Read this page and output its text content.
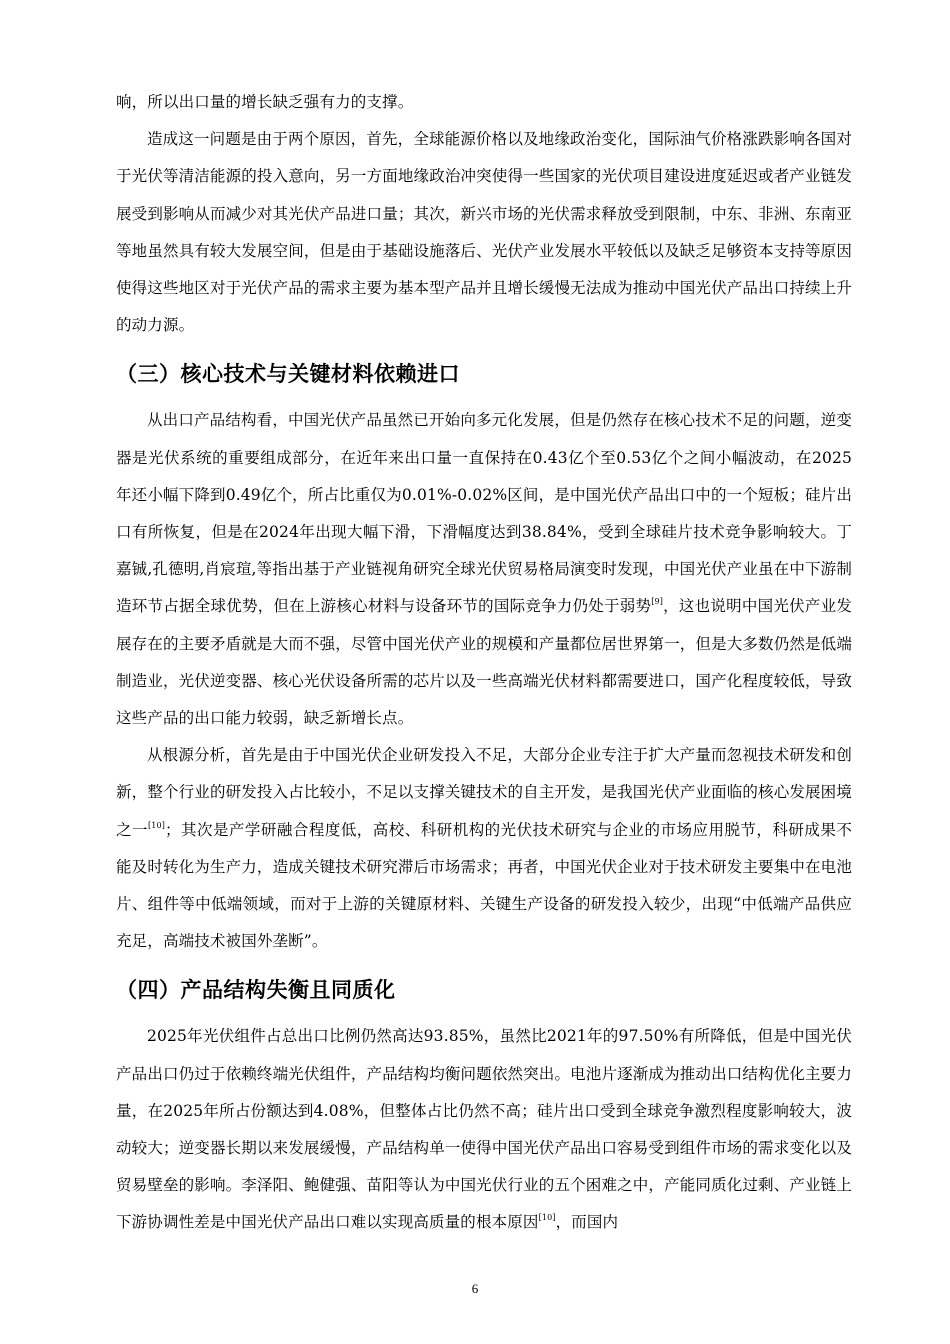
响，所以出口量的增长缺乏强有力的支撑。

造成这一问题是由于两个原因，首先，全球能源价格以及地缘政治变化，国际油气价格涨跌影响各国对于光伏等清洁能源的投入意向，另一方面地缘政治冲突使得一些国家的光伏项目建设进度延迟或者产业链发展受到影响从而减少对其光伏产品进口量；其次，新兴市场的光伏需求释放受到限制，中东、非洲、东南亚等地虽然具有较大发展空间，但是由于基础设施落后、光伏产业发展水平较低以及缺乏足够资本支持等原因使得这些地区对于光伏产品的需求主要为基本型产品并且增长缓慢无法成为推动中国光伏产品出口持续上升的动力源。

（三）核心技术与关键材料依赖进口

从出口产品结构看，中国光伏产品虽然已开始向多元化发展，但是仍然存在核心技术不足的问题，逆变器是光伏系统的重要组成部分，在近年来出口量一直保持在0.43亿个至0.53亿个之间小幅波动，在2025年还小幅下降到0.49亿个，所占比重仅为0.01%-0.02%区间，是中国光伏产品出口中的一个短板；硅片出口有所恢复，但是在2024年出现大幅下滑，下滑幅度达到38.84%，受到全球硅片技术竞争影响较大。丁嘉铖,孔德明,肖宸瑄,等指出基于产业链视角研究全球光伏贸易格局演变时发现，中国光伏产业虽在中下游制造环节占据全球优势，但在上游核心材料与设备环节的国际竞争力仍处于弱势[9]，这也说明中国光伏产业发展存在的主要矛盾就是大而不强，尽管中国光伏产业的规模和产量都位居世界第一，但是大多数仍然是低端制造业，光伏逆变器、核心光伏设备所需的芯片以及一些高端光伏材料都需要进口，国产化程度较低，导致这些产品的出口能力较弱，缺乏新增长点。

从根源分析，首先是由于中国光伏企业研发投入不足，大部分企业专注于扩大产量而忽视技术研发和创新，整个行业的研发投入占比较小，不足以支撑关键技术的自主开发，是我国光伏产业面临的核心发展困境之一[10]；其次是产学研融合程度低，高校、科研机构的光伏技术研究与企业的市场应用脱节，科研成果不能及时转化为生产力，造成关键技术研究滞后市场需求；再者，中国光伏企业对于技术研发主要集中在电池片、组件等中低端领域，而对于上游的关键原材料、关键生产设备的研发投入较少，出现“中低端产品供应充足，高端技术被国外垄断”。

（四）产品结构失衡且同质化

2025年光伏组件占总出口比例仍然高达93.85%，虽然比2021年的97.50%有所降低，但是中国光伏产品出口仍过于依赖终端光伏组件，产品结构均衡问题依然突出。电池片逐渐成为推动出口结构优化主要力量，在2025年所占份额达到4.08%，但整体占比仍然不高；硅片出口受到全球竞争激烈程度影响较大，波动较大；逆变器长期以来发展缓慢，产品结构单一使得中国光伏产品出口容易受到组件市场的需求变化以及贸易壁垒的影响。李泽阳、鲍健强、苗阳等认为中国光伏行业的五个困难之中，产能同质化过剩、产业链上下游协调性差是中国光伏产品出口难以实现高质量的根本原因[10]，而国内

6
